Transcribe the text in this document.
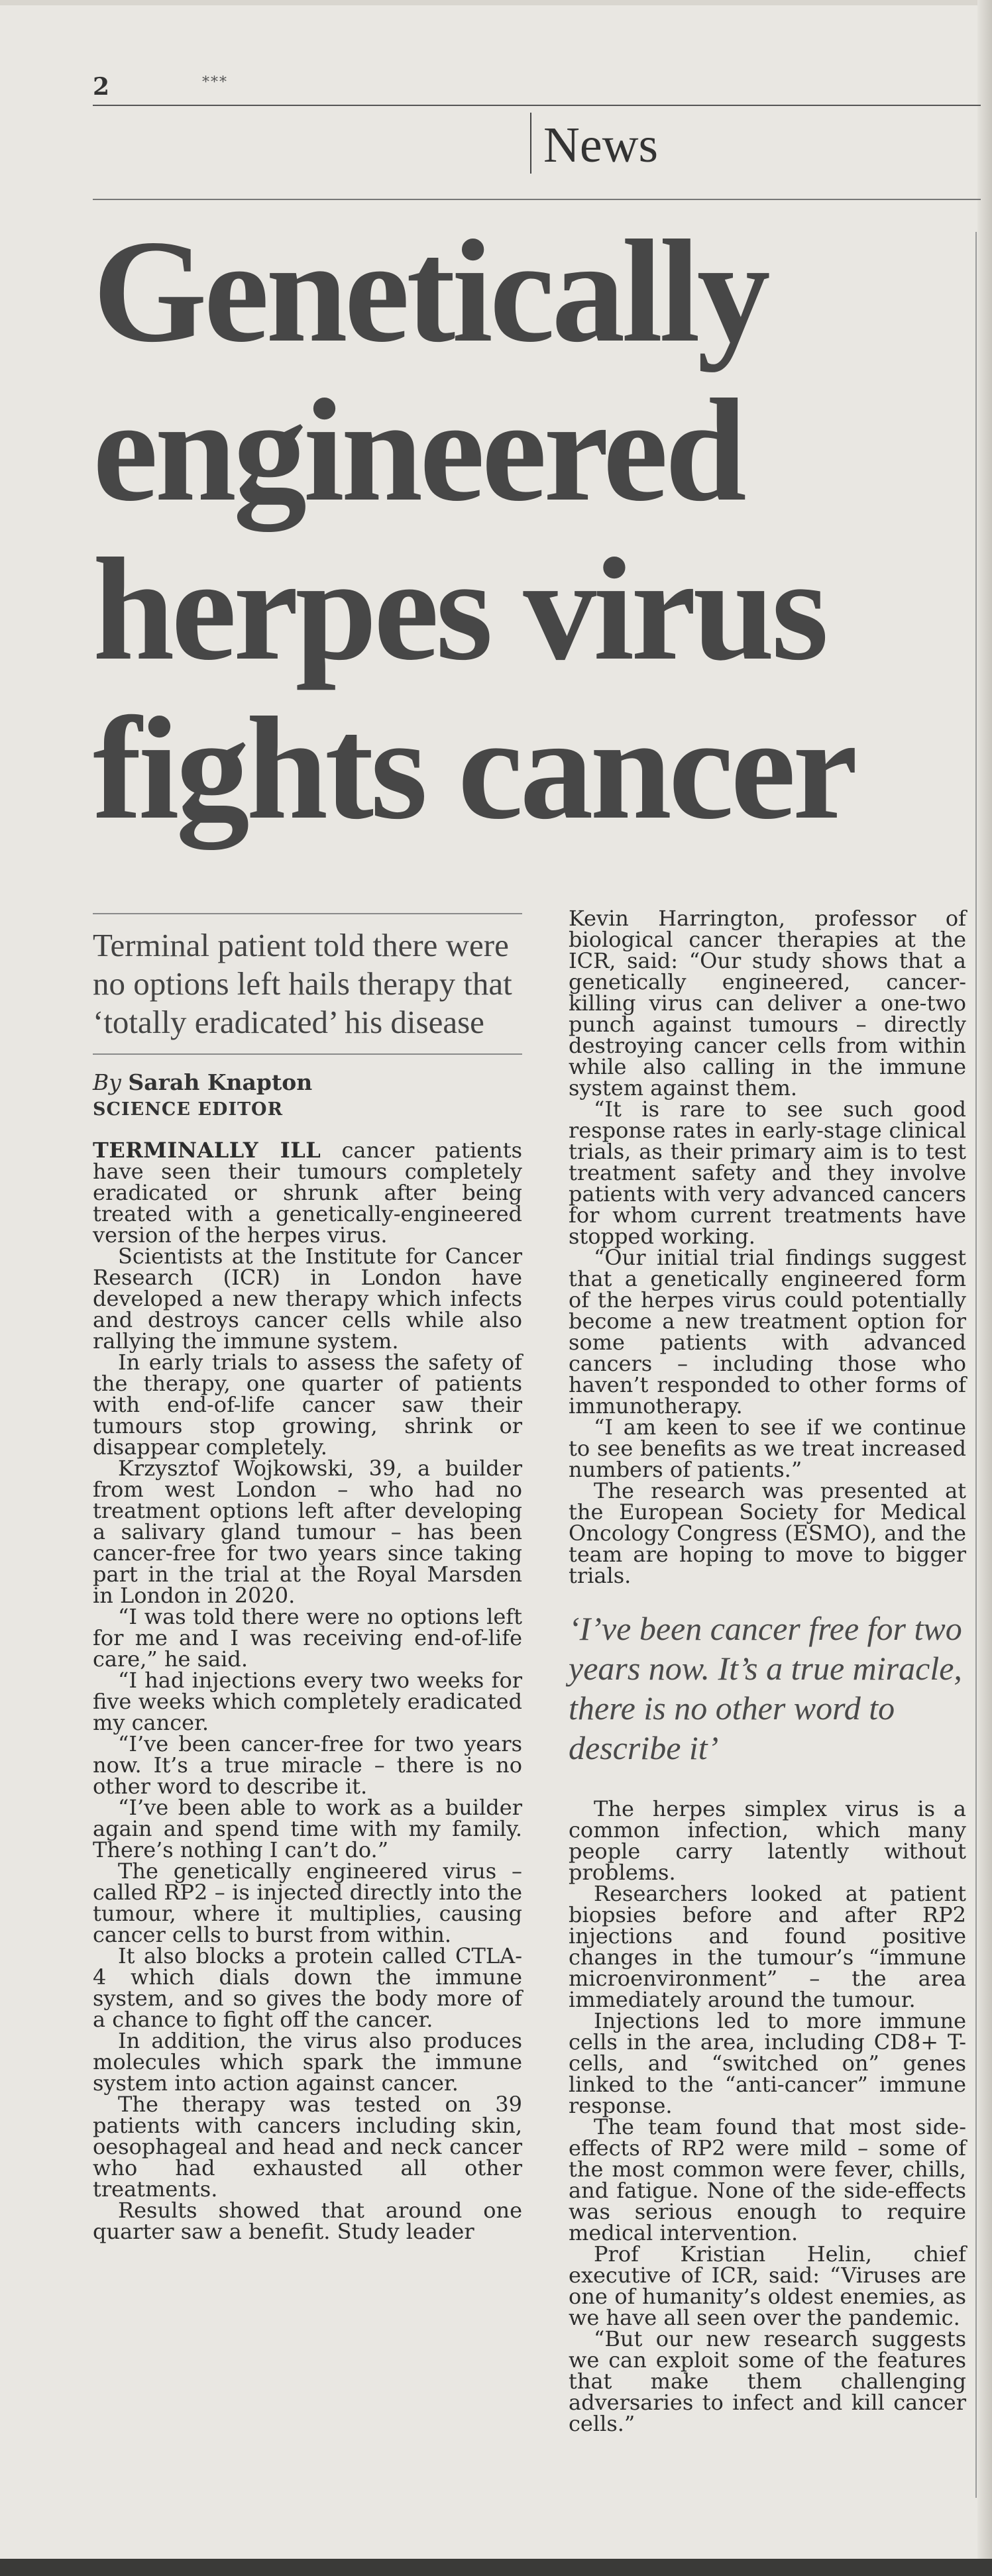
2	***
News
Genetically
engineered
herpes virus
fights cancer

Terminal patient told there were no options left hails therapy that ‘totally eradicated’ his disease

By Sarah Knapton
SCIENCE EDITOR

TERMINALLY ILL cancer patients have seen their tumours completely eradicated or shrunk after being treated with a genetically-engineered version of the herpes virus.

Scientists at the Institute for Cancer Research (ICR) in London have developed a new therapy which infects and destroys cancer cells while also rallying the immune system.

In early trials to assess the safety of the therapy, one quarter of patients with end-of-life cancer saw their tumours stop growing, shrink or disappear completely.

Krzysztof Wojkowski, 39, a builder from west London – who had no treatment options left after developing a salivary gland tumour – has been cancer-free for two years since taking part in the trial at the Royal Marsden in London in 2020.

“I was told there were no options left for me and I was receiving end-of-life care,” he said.

“I had injections every two weeks for five weeks which completely eradicated my cancer.

“I’ve been cancer-free for two years now. It’s a true miracle – there is no other word to describe it.

“I’ve been able to work as a builder again and spend time with my family. There’s nothing I can’t do.”

The genetically engineered virus – called RP2 – is injected directly into the tumour, where it multiplies, causing cancer cells to burst from within.

It also blocks a protein called CTLA-4 which dials down the immune system, and so gives the body more of a chance to fight off the cancer.

In addition, the virus also produces molecules which spark the immune system into action against cancer.

The therapy was tested on 39 patients with cancers including skin, oesophageal and head and neck cancer who had exhausted all other treatments.

Results showed that around one quarter saw a benefit. Study leader

Kevin Harrington, professor of biological cancer therapies at the ICR, said: “Our study shows that a genetically engineered, cancer-killing virus can deliver a one-two punch against tumours – directly destroying cancer cells from within while also calling in the immune system against them.

“It is rare to see such good response rates in early-stage clinical trials, as their primary aim is to test treatment safety and they involve patients with very advanced cancers for whom current treatments have stopped working.

“Our initial trial findings suggest that a genetically engineered form of the herpes virus could potentially become a new treatment option for some patients with advanced cancers – including those who haven’t responded to other forms of immunotherapy.

“I am keen to see if we continue to see benefits as we treat increased numbers of patients.”

The research was presented at the European Society for Medical Oncology Congress (ESMO), and the team are hoping to move to bigger trials.

‘I’ve been cancer free for two years now. It’s a true miracle, there is no other word to describe it’

The herpes simplex virus is a common infection, which many people carry latently without problems.

Researchers looked at patient biopsies before and after RP2 injections and found positive changes in the tumour’s “immune microenvironment” – the area immediately around the tumour.

Injections led to more immune cells in the area, including CD8+ T-cells, and “switched on” genes linked to the “anti-cancer” immune response.

The team found that most side-effects of RP2 were mild – some of the most common were fever, chills, and fatigue. None of the side-effects was serious enough to require medical intervention.

Prof Kristian Helin, chief executive of ICR, said: “Viruses are one of humanity’s oldest enemies, as we have all seen over the pandemic.

“But our new research suggests we can exploit some of the features that make them challenging adversaries to infect and kill cancer cells.”
